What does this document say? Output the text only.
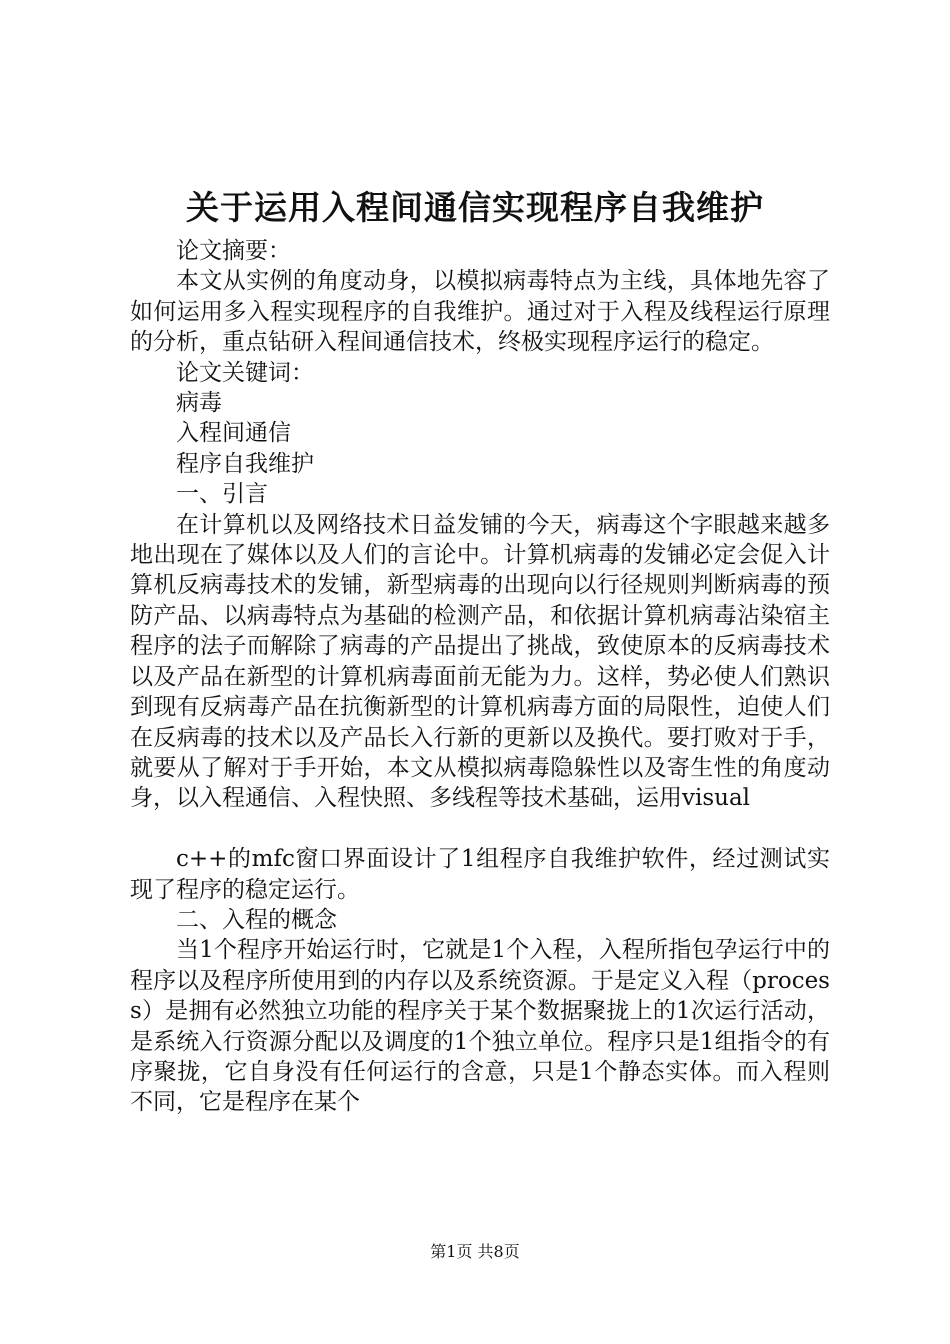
关于运用入程间通信实现程序自我维护

论文摘要：

本文从实例的角度动身，以模拟病毒特点为主线，具体地先容了如何运用多入程实现程序的自我维护。通过对于入程及线程运行原理的分析，重点钻研入程间通信技术，终极实现程序运行的稳定。

论文关键词：

病毒

入程间通信

程序自我维护

一、引言

在计算机以及网络技术日益发铺的今天，病毒这个字眼越来越多地出现在了媒体以及人们的言论中。计算机病毒的发铺必定会促入计算机反病毒技术的发铺，新型病毒的出现向以行径规则判断病毒的预防产品、以病毒特点为基础的检测产品，和依据计算机病毒沾染宿主程序的法子而解除了病毒的产品提出了挑战，致使原本的反病毒技术以及产品在新型的计算机病毒面前无能为力。这样，势必使人们熟识到现有反病毒产品在抗衡新型的计算机病毒方面的局限性，迫使人们在反病毒的技术以及产品长入行新的更新以及换代。要打败对于手，就要从了解对于手开始，本文从模拟病毒隐躲性以及寄生性的角度动身，以入程通信、入程快照、多线程等技术基础，运用visual

c++的mfc窗口界面设计了1组程序自我维护软件，经过测试实现了程序的稳定运行。

二、入程的概念

当1个程序开始运行时，它就是1个入程，入程所指包孕运行中的程序以及程序所使用到的内存以及系统资源。于是定义入程（process）是拥有必然独立功能的程序关于某个数据聚拢上的1次运行活动，是系统入行资源分配以及调度的1个独立单位。程序只是1组指令的有序聚拢，它自身没有任何运行的含意，只是1个静态实体。而入程则不同，它是程序在某个

第1页 共8页
